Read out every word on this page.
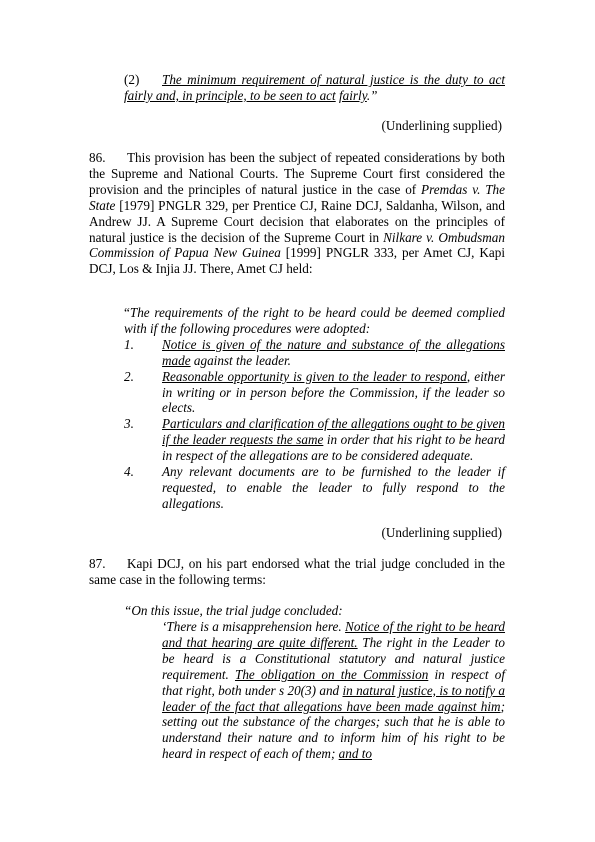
(2) The minimum requirement of natural justice is the duty to act fairly and, in principle, to be seen to act fairly.”
(Underlining supplied)
86. This provision has been the subject of repeated considerations by both the Supreme and National Courts. The Supreme Court first considered the provision and the principles of natural justice in the case of Premdas v. The State [1979] PNGLR 329, per Prentice CJ, Raine DCJ, Saldanha, Wilson, and Andrew JJ. A Supreme Court decision that elaborates on the principles of natural justice is the decision of the Supreme Court in Nilkare v. Ombudsman Commission of Papua New Guinea [1999] PNGLR 333, per Amet CJ, Kapi DCJ, Los & Injia JJ. There, Amet CJ held:
“The requirements of the right to be heard could be deemed complied with if the following procedures were adopted:
1.	Notice is given of the nature and substance of the allegations made against the leader.
2.	Reasonable opportunity is given to the leader to respond, either in writing or in person before the Commission, if the leader so elects.
3.	Particulars and clarification of the allegations ought to be given if the leader requests the same in order that his right to be heard in respect of the allegations are to be considered adequate.
4.	Any relevant documents are to be furnished to the leader if requested, to enable the leader to fully respond to the allegations.
(Underlining supplied)
87. Kapi DCJ, on his part endorsed what the trial judge concluded in the same case in the following terms:
“On this issue, the trial judge concluded:
‘There is a misapprehension here. Notice of the right to be heard and that hearing are quite different. The right in the Leader to be heard is a Constitutional statutory and natural justice requirement. The obligation on the Commission in respect of that right, both under s 20(3) and in natural justice, is to notify a leader of the fact that allegations have been made against him; setting out the substance of the charges; such that he is able to understand their nature and to inform him of his right to be heard in respect of each of them; and to
